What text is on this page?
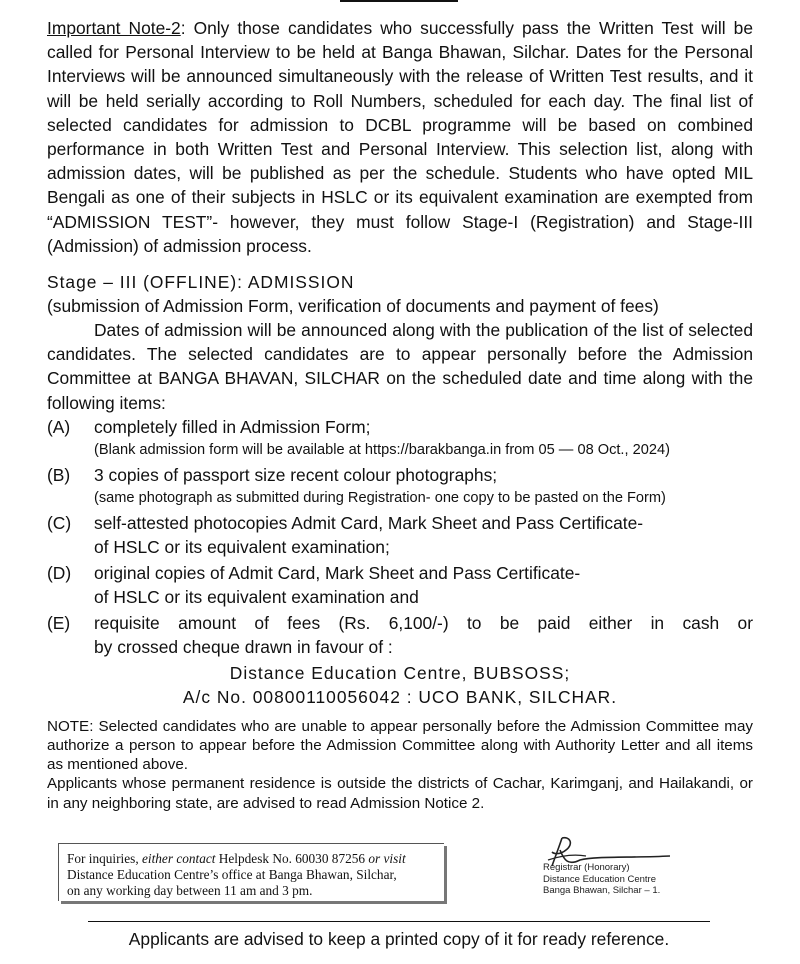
Important Note-2: Only those candidates who successfully pass the Written Test will be called for Personal Interview to be held at Banga Bhawan, Silchar. Dates for the Personal Interviews will be announced simultaneously with the release of Written Test results, and it will be held serially according to Roll Numbers, scheduled for each day. The final list of selected candidates for admission to DCBL programme will be based on combined performance in both Written Test and Personal Interview. This selection list, along with admission dates, will be published as per the schedule. Students who have opted MIL Bengali as one of their subjects in HSLC or its equivalent examination are exempted from “ADMISSION TEST”- however, they must follow Stage-I (Registration) and Stage-III (Admission) of admission process.

Stage – III (OFFLINE): ADMISSION
(submission of Admission Form, verification of documents and payment of fees)

Dates of admission will be announced along with the publication of the list of selected candidates. The selected candidates are to appear personally before the Admission Committee at BANGA BHAVAN, SILCHAR on the scheduled date and time along with the following items:

(A)	completely filled in Admission Form;
(Blank admission form will be available at https://barakbanga.in from 05 — 08 Oct., 2024)
(B)	3 copies of passport size recent colour photographs;
(same photograph as submitted during Registration- one copy to be pasted on the Form)
(C)	self-attested photocopies Admit Card, Mark Sheet and Pass Certificate-
of HSLC or its equivalent examination;
(D)	original copies of Admit Card, Mark Sheet and Pass Certificate-
of HSLC or its equivalent examination and
(E)	requisite amount of fees (Rs. 6,100/-) to be paid either in cash or
by crossed cheque drawn in favour of :
Distance Education Centre, BUBSOSS;
A/c No. 00800110056042 : UCO BANK, SILCHAR.

NOTE: Selected candidates who are unable to appear personally before the Admission Committee may authorize a person to appear before the Admission Committee along with Authority Letter and all items as mentioned above.

Applicants whose permanent residence is outside the districts of Cachar, Karimganj, and Hailakandi, or in any neighboring state, are advised to read Admission Notice 2.

For inquiries, either contact Helpdesk No. 60030 87256 or visit
Distance Education Centre’s office at Banga Bhawan, Silchar,
on any working day between 11 am and 3 pm.
Registrar (Honorary)
Distance Education Centre
Banga Bhawan, Silchar – 1.
Applicants are advised to keep a printed copy of it for ready reference.
